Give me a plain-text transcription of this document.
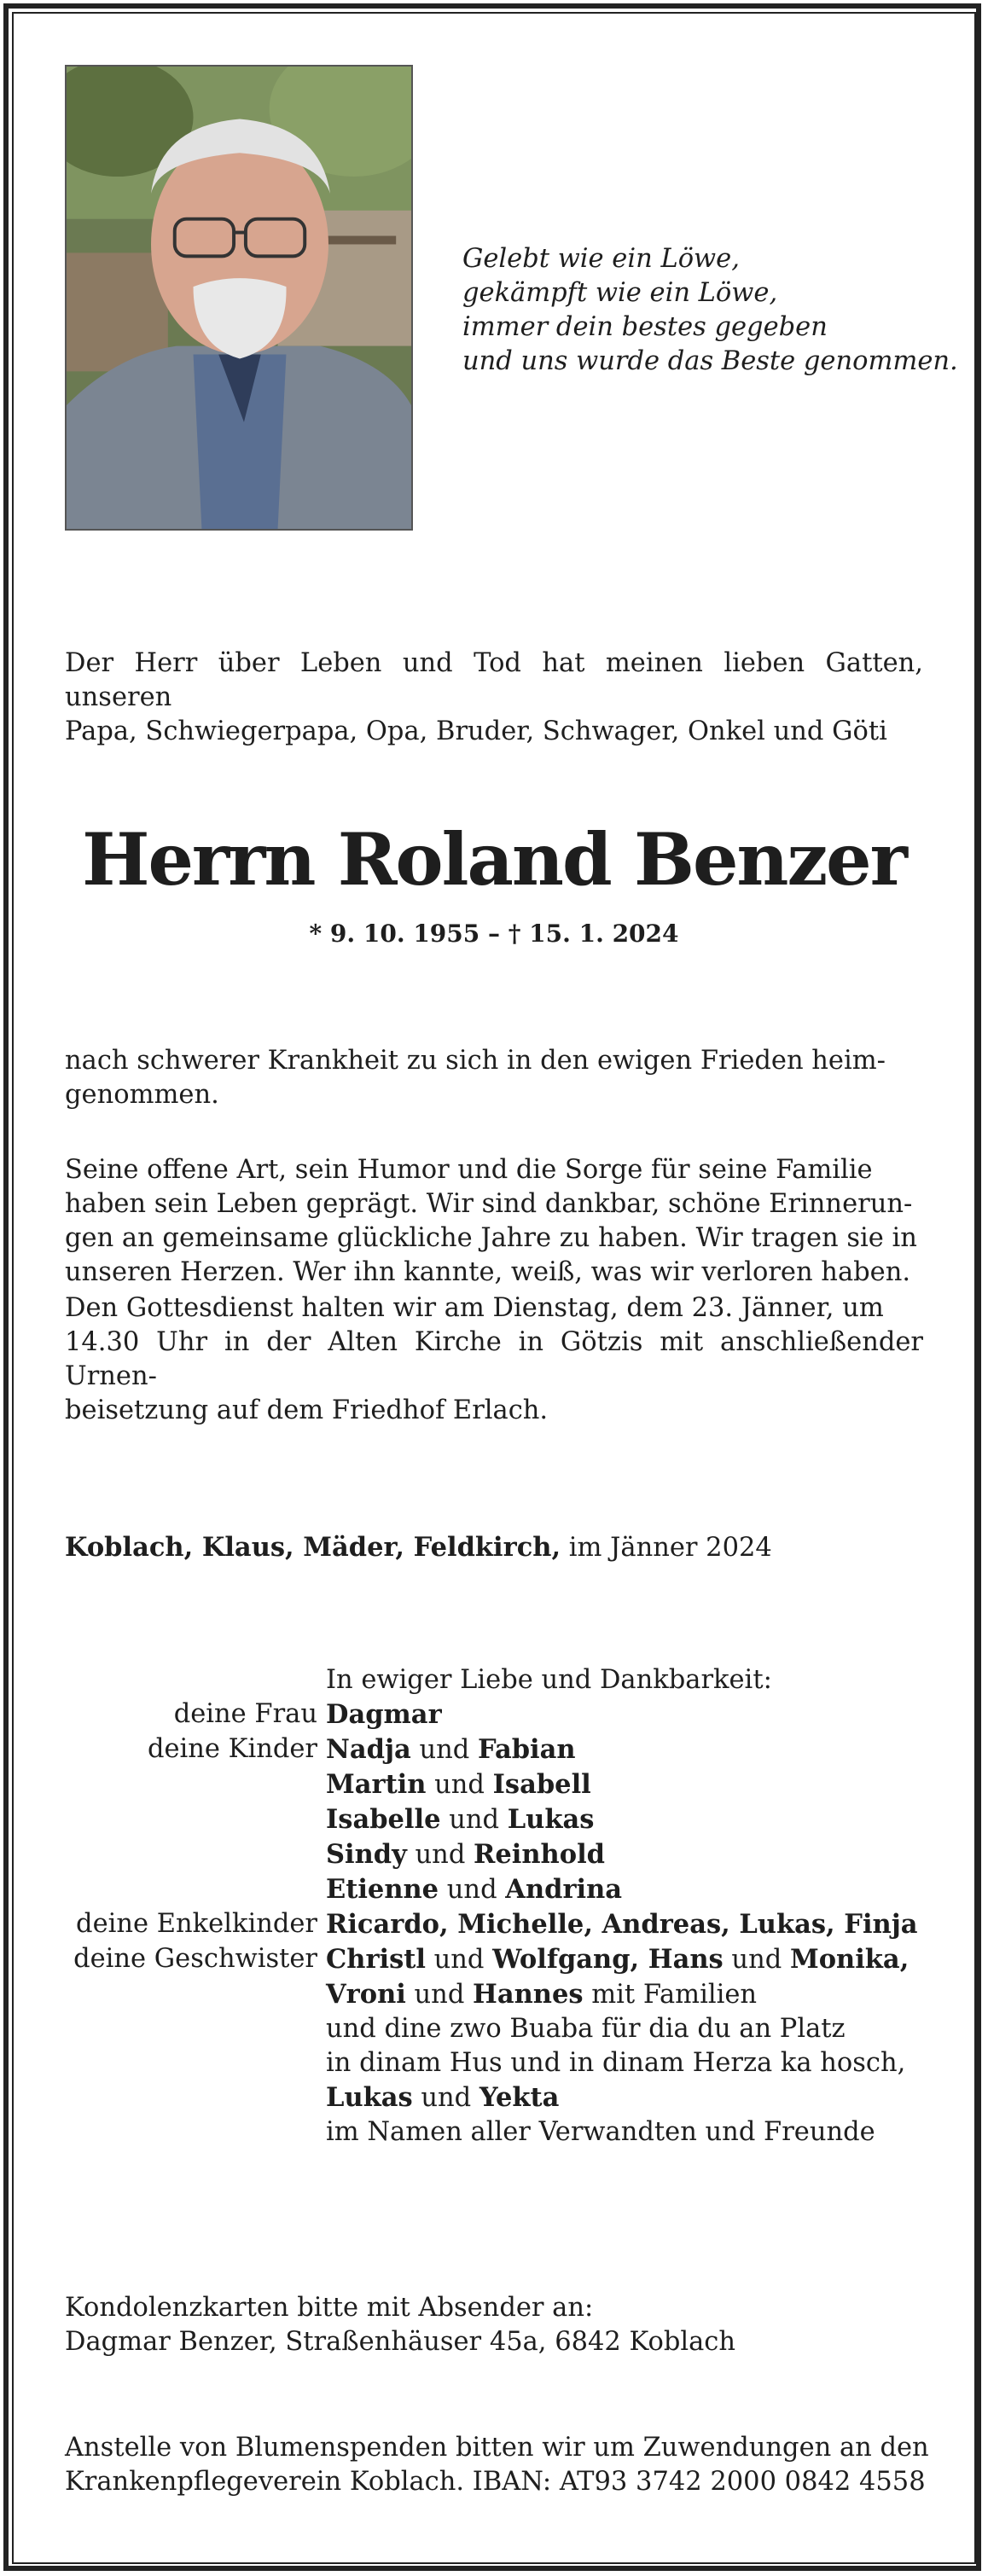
Gelebt wie ein Löwe,
gekämpft wie ein Löwe,
immer dein bestes gegeben
und uns wurde das Beste genommen.
Der Herr über Leben und Tod hat meinen lieben Gatten, unseren
Papa, Schwiegerpapa, Opa, Bruder, Schwager, Onkel und Göti
Herrn Roland Benzer
* 9. 10. 1955 – † 15. 1. 2024
nach schwerer Krankheit zu sich in den ewigen Frieden heim-
genommen.
Seine offene Art, sein Humor und die Sorge für seine Familie
haben sein Leben geprägt. Wir sind dankbar, schöne Erinnerun-
gen an gemeinsame glückliche Jahre zu haben. Wir tragen sie in
unseren Herzen. Wer ihn kannte, weiß, was wir verloren haben.
Den Gottesdienst halten wir am Dienstag, dem 23. Jänner, um
14.30 Uhr in der Alten Kirche in Götzis mit anschließender Urnen-
beisetzung auf dem Friedhof Erlach.
Koblach, Klaus, Mäder, Feldkirch, im Jänner 2024
In ewiger Liebe und Dankbarkeit:
deine Frau Dagmar
deine Kinder Nadja und Fabian
Martin und Isabell
Isabelle und Lukas
Sindy und Reinhold
Etienne und Andrina
deine Enkelkinder Ricardo, Michelle, Andreas, Lukas, Finja
deine Geschwister Christl und Wolfgang, Hans und Monika,
Vroni und Hannes mit Familien
und dine zwo Buaba für dia du an Platz
in dinam Hus und in dinam Herza ka hosch,
Lukas und Yekta
im Namen aller Verwandten und Freunde
Kondolenzkarten bitte mit Absender an:
Dagmar Benzer, Straßenhäuser 45a, 6842 Koblach
Anstelle von Blumenspenden bitten wir um Zuwendungen an den
Krankenpflegeverein Koblach. IBAN: AT93 3742 2000 0842 4558
